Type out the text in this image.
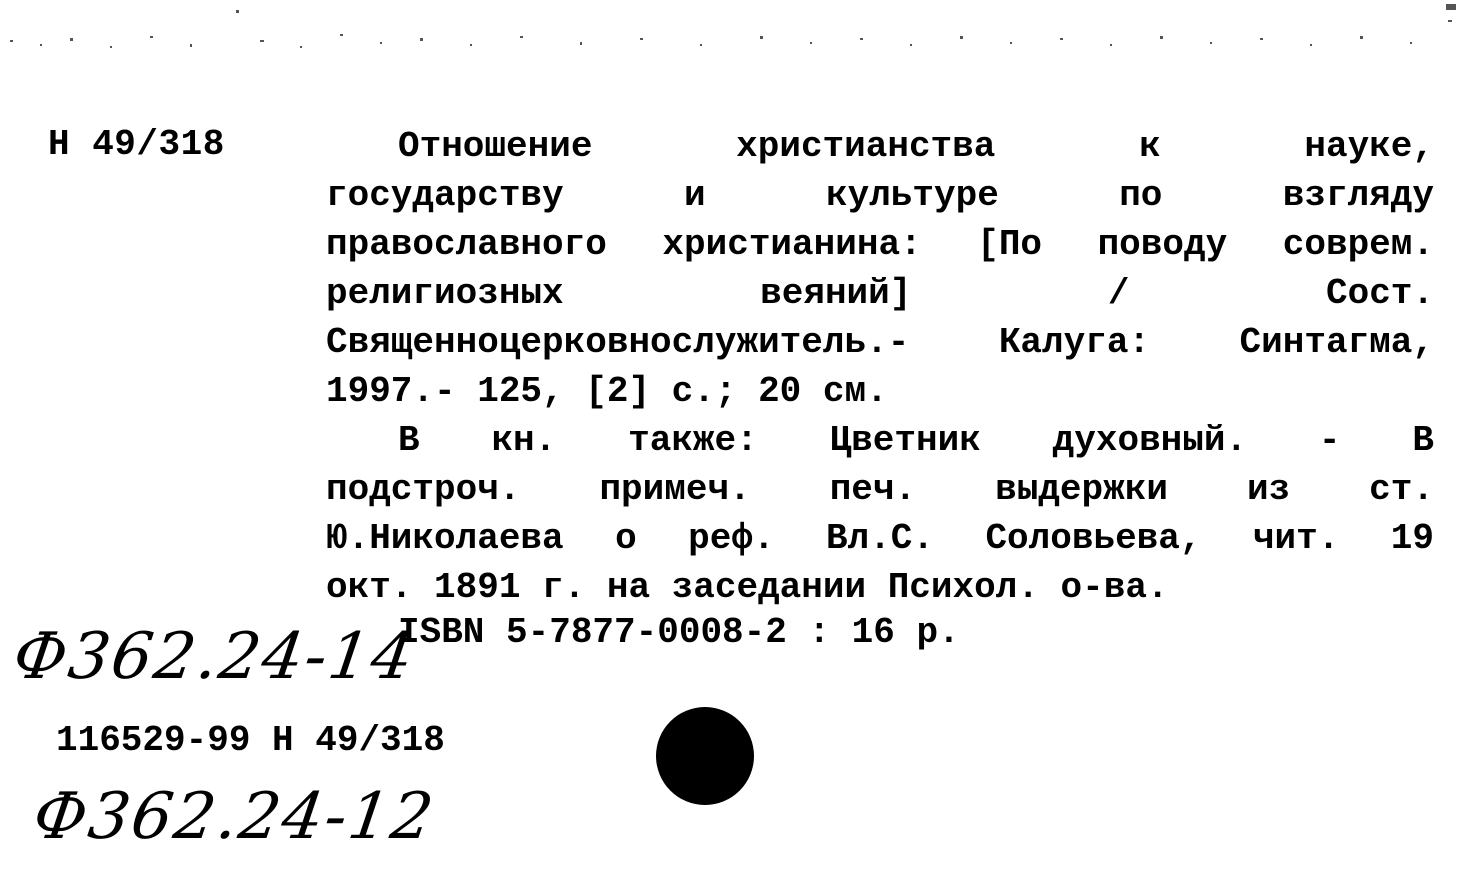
Н 49/318	Отношение христианства к науке,
государству и культуре по взгляду
православного христианина: [По поводу соврем.
религиозных веяний] / Сост.
Священноцерковнослужитель.- Калуга: Синтагма,
1997.- 125, [2] с.; 20 см.
В кн. также: Цветник духовный. - В
подстроч. примеч. печ. выдержки из ст.
Ю.Николаева о реф. Вл.С. Соловьева, чит. 19
окт. 1891 г. на заседании Психол. о-ва.
ISBN 5-7877-0008-2 : 16 р.
Ф362.24-14
116529-99 Н 49/318
Ф362.24-12
